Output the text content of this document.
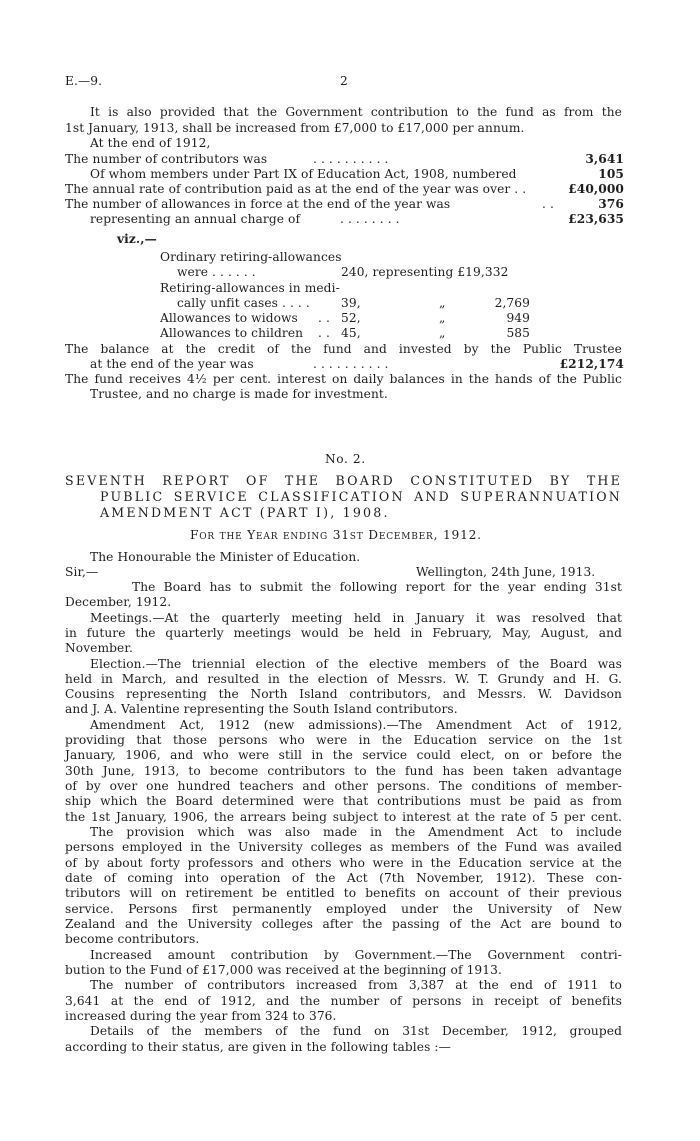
E.—9.	2
It is also provided that the Government contribution to the fund as from the
1st January, 1913, shall be increased from £7,000 to £17,000 per annum.
At the end of 1912,
The number of contributors was	. . . . . . . . . .	3,641
Of whom members under Part IX of Education Act, 1908, numbered	105
The annual rate of contribution paid as at the end of the year was over . .	£40,000
The number of allowances in force at the end of the year was	. .	376
representing an annual charge of	. . . . . . . .	£23,635
viz.,—
Ordinary retiring-allowances
were . . . . . .	240, representing £19,332
Retiring-allowances in medi-
cally unfit cases . . . .	39,	„	2,769
Allowances to widows . . 52,	„	949
Allowances to children . . 45,	„	585
The balance at the credit of the fund and invested by the Public Trustee
at the end of the year was	. . . . . . . . . .	£212,174
The fund receives 4½ per cent. interest on daily balances in the hands of the Public
Trustee, and no charge is made for investment.
No. 2.
SEVENTH REPORT OF THE BOARD CONSTITUTED BY THE
PUBLIC SERVICE CLASSIFICATION AND SUPERANNUATION
AMENDMENT ACT (PART I), 1908.
For the Year ending 31st December, 1912.
The Honourable the Minister of Education.
Sir,—	Wellington, 24th June, 1913.
The Board has to submit the following report for the year ending 31st
December, 1912.
Meetings.—At the quarterly meeting held in January it was resolved that
in future the quarterly meetings would be held in February, May, August, and
November.
Election.—The triennial election of the elective members of the Board was
held in March, and resulted in the election of Messrs. W. T. Grundy and H. G.
Cousins representing the North Island contributors, and Messrs. W. Davidson
and J. A. Valentine representing the South Island contributors.
Amendment Act, 1912 (new admissions).—The Amendment Act of 1912,
providing that those persons who were in the Education service on the 1st
January, 1906, and who were still in the service could elect, on or before the
30th June, 1913, to become contributors to the fund has been taken advantage
of by over one hundred teachers and other persons. The conditions of member-
ship which the Board determined were that contributions must be paid as from
the 1st January, 1906, the arrears being subject to interest at the rate of 5 per cent.
The provision which was also made in the Amendment Act to include
persons employed in the University colleges as members of the Fund was availed
of by about forty professors and others who were in the Education service at the
date of coming into operation of the Act (7th November, 1912). These con-
tributors will on retirement be entitled to benefits on account of their previous
service. Persons first permanently employed under the University of New
Zealand and the University colleges after the passing of the Act are bound to
become contributors.
Increased amount contribution by Government.—The Government contri-
bution to the Fund of £17,000 was received at the beginning of 1913.
The number of contributors increased from 3,387 at the end of 1911 to
3,641 at the end of 1912, and the number of persons in receipt of benefits
increased during the year from 324 to 376.
Details of the members of the fund on 31st December, 1912, grouped
according to their status, are given in the following tables :—
